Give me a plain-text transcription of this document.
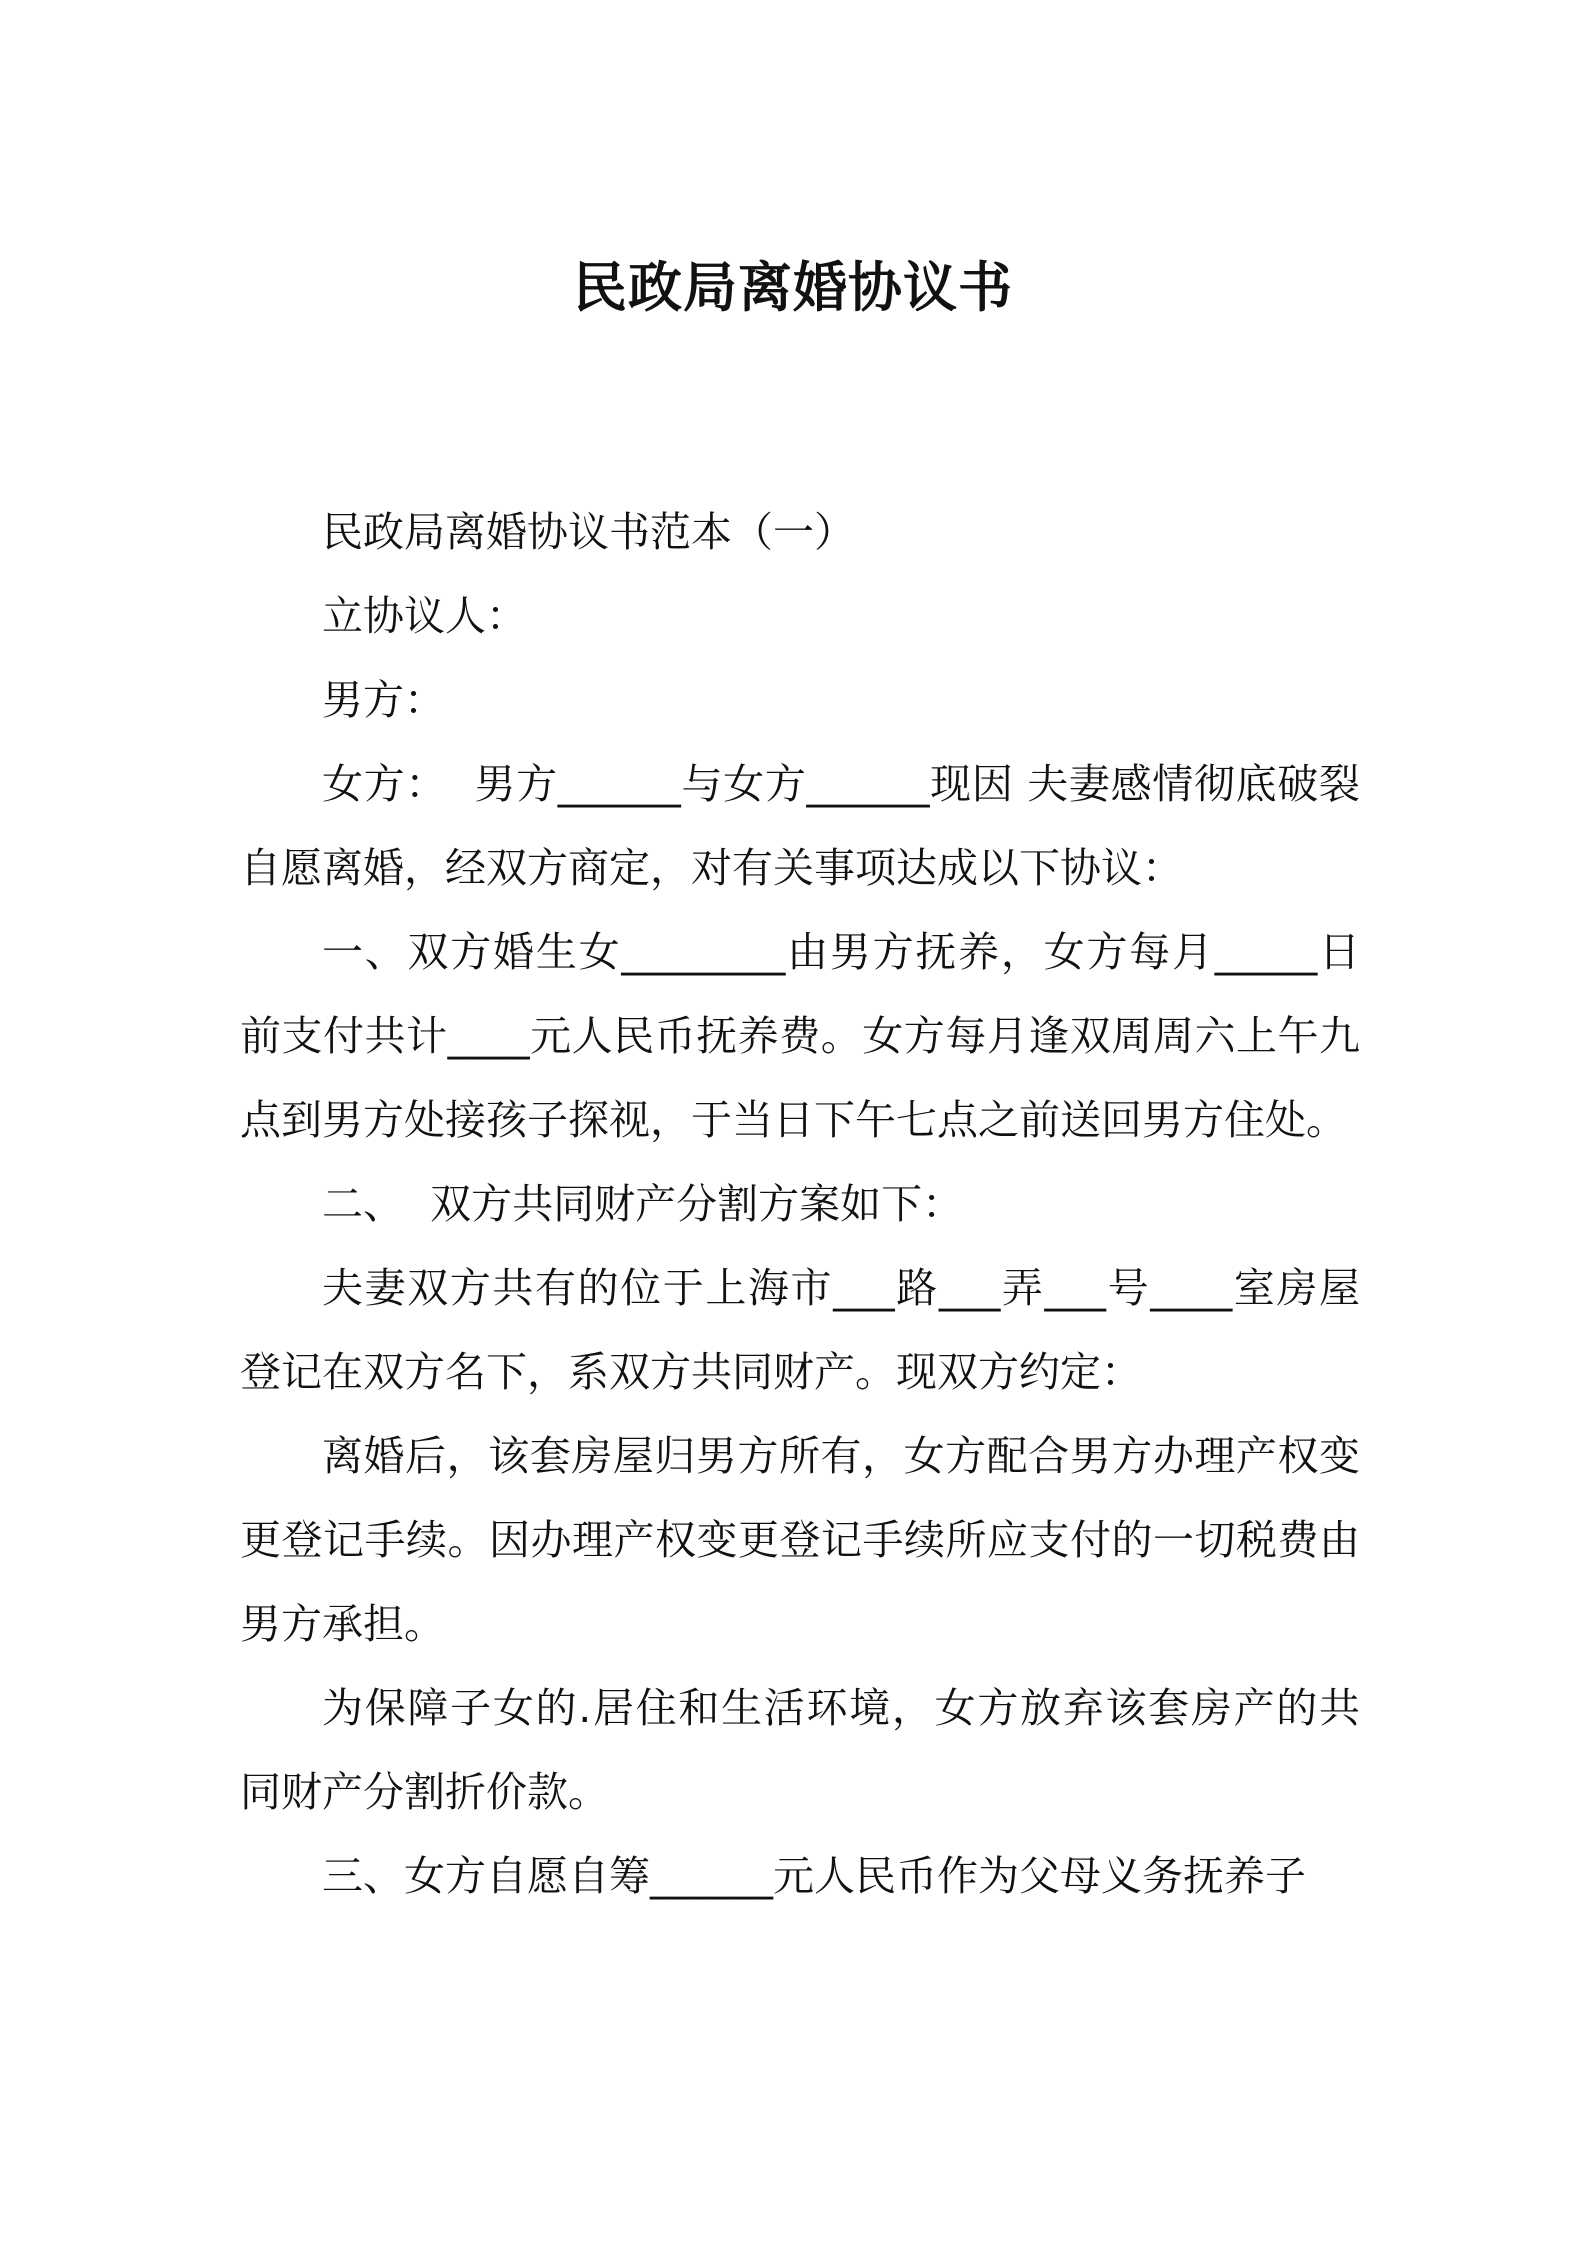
民政局离婚协议书

民政局离婚协议书范本（一）

立协议人：

男方：

女方：  男方______与女方______现因 夫妻感情彻底破裂 自愿离婚，经双方商定，对有关事项达成以下协议：

一、双方婚生女________由男方抚养，女方每月_____日前支付共计____元人民币抚养费。女方每月逢双周周六上午九点到男方处接孩子探视，于当日下午七点之前送回男方住处。

二、  双方共同财产分割方案如下：

夫妻双方共有的位于上海市___路___弄___号____室房屋登记在双方名下，系双方共同财产。现双方约定：

离婚后，该套房屋归男方所有，女方配合男方办理产权变更登记手续。因办理产权变更登记手续所应支付的一切税费由男方承担。

为保障子女的.居住和生活环境，女方放弃该套房产的共同财产分割折价款。

三、女方自愿自筹______元人民币作为父母义务抚养子
